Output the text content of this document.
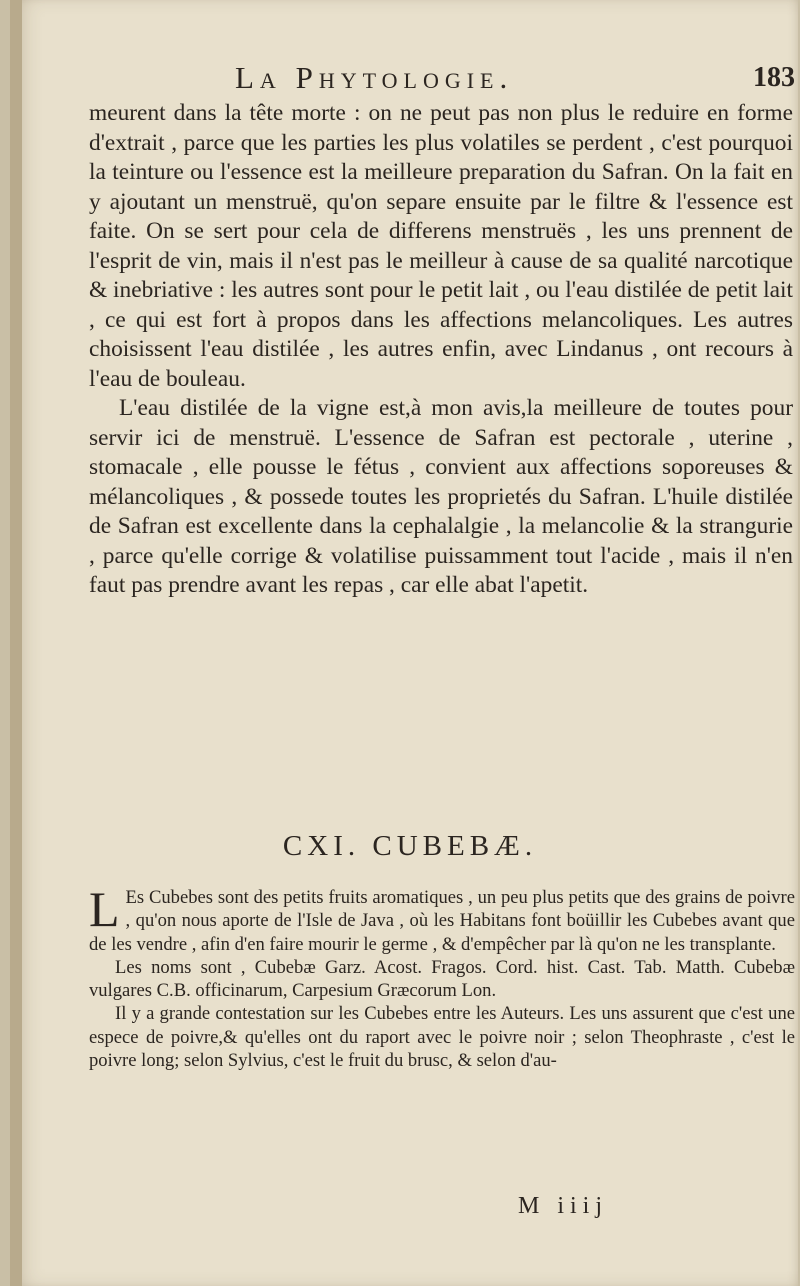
La Phytologie.	183

meurent dans la tête morte : on ne peut pas non plus le reduire en forme d'extrait , parce que les parties les plus volatiles se perdent , c'est pourquoi la teinture ou l'essence est la meilleure preparation du Safran. On la fait en y ajoutant un menstruë, qu'on separe ensuite par le filtre & l'essence est faite. On se sert pour cela de differens menstruës , les uns prennent de l'esprit de vin, mais il n'est pas le meilleur à cause de sa qualité narcotique & inebriative : les autres sont pour le petit lait , ou l'eau distilée de petit lait , ce qui est fort à propos dans les affections melancoliques. Les autres choisissent l'eau distilée , les autres enfin, avec Lindanus , ont recours à l'eau de bouleau.

L'eau distilée de la vigne est,à mon avis,la meilleure de toutes pour servir ici de menstruë. L'essence de Safran est pectorale , uterine , stomacale , elle pousse le fétus , convient aux affections soporeuses & mélancoliques , & possede toutes les proprietés du Safran. L'huile distilée de Safran est excellente dans la cephalalgie , la melancolie & la strangurie , parce qu'elle corrige & volatilise puissamment tout l'acide , mais il n'en faut pas prendre avant les repas , car elle abat l'apetit.

CXI. CUBEBÆ.

L Es Cubebes sont des petits fruits aromatiques , un peu plus petits que des grains de poivre , qu'on nous aporte de l'Isle de Java , où les Habitans font boüillir les Cubebes avant que de les vendre , afin d'en faire mourir le germe , & d'empêcher par là qu'on ne les transplante.

Les noms sont , Cubebæ Garz. Acost. Fragos. Cord. hist. Cast. Tab. Matth. Cubebæ vulgares C.B. officinarum, Carpesium Græcorum Lon.

Il y a grande contestation sur les Cubebes entre les Auteurs. Les uns assurent que c'est une espece de poivre,& qu'elles ont du raport avec le poivre noir ; selon Theophraste , c'est le poivre long; selon Sylvius, c'est le fruit du brusc, & selon d'au-

M iiij
